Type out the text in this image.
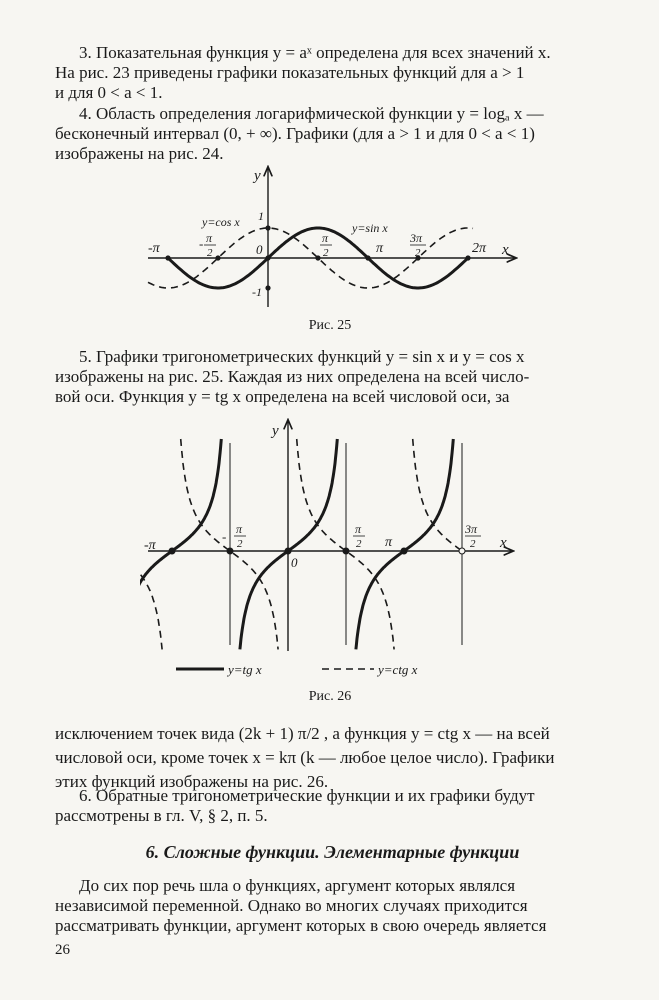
3. Показательная функция y = aˣ определена для всех значений x.
На рис. 23 приведены графики показательных функций для a > 1
и для 0 < a < 1.

4. Область определения логарифмической функции y = logₐ x —
бесконечный интервал (0, + ∞). Графики (для a > 1 и для 0 < a < 1)
изображены на рис. 24.

y
x
0
1
-1
y=cos x	y=sin x
-π	- π
2
π
2	π
3π
2	2π
Рис. 25

5. Графики тригонометрических функций y = sin x и y = cos x
изображены на рис. 25. Каждая из них определена на всей число-
вой оси. Функция y = tg x определена на всей числовой оси, за

y
x
0
-π
- π
2
π
2 π
3π
2
y=tg x	y=ctg x
Рис. 26

исключением точек вида (2k + 1) π/2 , а функция y = ctg x — на всей
числовой оси, кроме точек x = kπ (k — любое целое число). Графики
этих функций изображены на рис. 26.

6. Обратные тригонометрические функции и их графики будут
рассмотрены в гл. V, § 2, п. 5.

6. Сложные функции. Элементарные функции

До сих пор речь шла о функциях, аргумент которых являлся
независимой переменной. Однако во многих случаях приходится
рассматривать функции, аргумент которых в свою очередь является

26
